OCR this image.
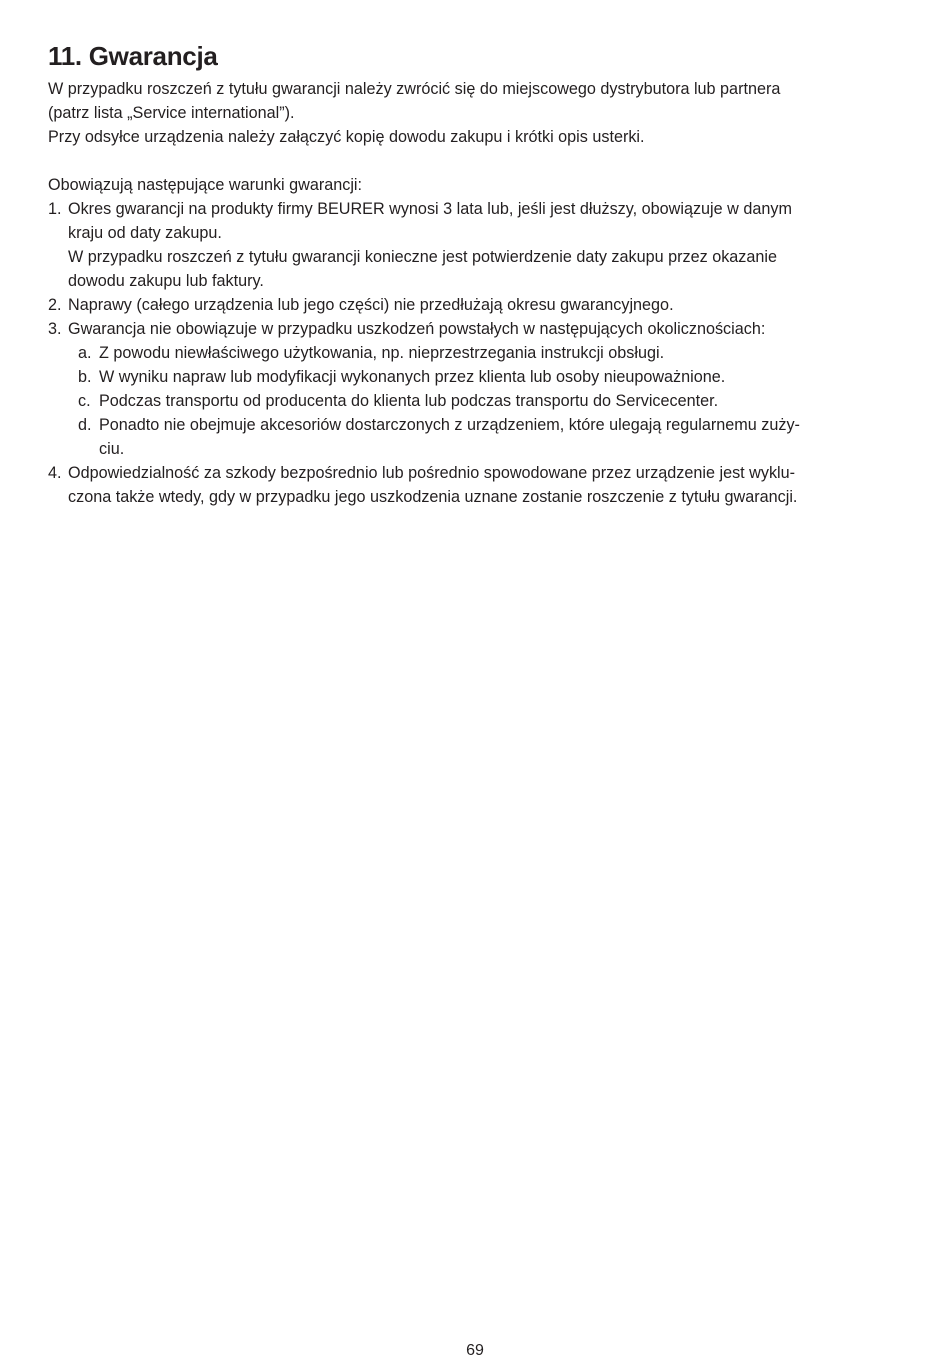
11. Gwarancja

W przypadku roszczeń z tytułu gwarancji należy zwrócić się do miejscowego dystrybutora lub partnera

(patrz lista „Service international”).

Przy odsyłce urządzenia należy załączyć kopię dowodu zakupu i krótki opis usterki.

Obowiązują następujące warunki gwarancji:

1. Okres gwarancji na produkty firmy BEURER wynosi 3 lata lub, jeśli jest dłuższy, obowiązuje w danym
kraju od daty zakupu.
W przypadku roszczeń z tytułu gwarancji konieczne jest potwierdzenie daty zakupu przez okazanie
dowodu zakupu lub faktury.
2. Naprawy (całego urządzenia lub jego części) nie przedłużają okresu gwarancyjnego.
3. Gwarancja nie obowiązuje w przypadku uszkodzeń powstałych w następujących okolicznościach:
a. Z powodu niewłaściwego użytkowania, np. nieprzestrzegania instrukcji obsługi.
b. W wyniku napraw lub modyfikacji wykonanych przez klienta lub osoby nieupoważnione.
c. Podczas transportu od producenta do klienta lub podczas transportu do Servicecenter.
d. Ponadto nie obejmuje akcesoriów dostarczonych z urządzeniem, które ulegają regularnemu zuży-
ciu.
4. Odpowiedzialność za szkody bezpośrednio lub pośrednio spowodowane przez urządzenie jest wyklu-
czona także wtedy, gdy w przypadku jego uszkodzenia uznane zostanie roszczenie z tytułu gwarancji.
69
